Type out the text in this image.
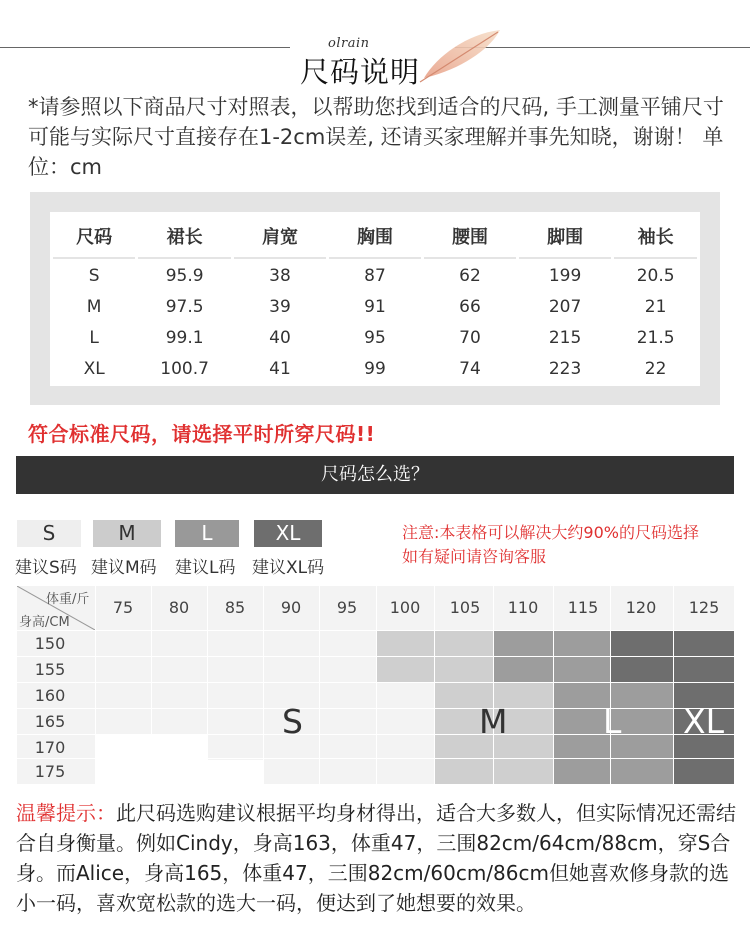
olrain
尺码说明
*请参照以下商品尺寸对照表，以帮助您找到适合的尺码, 手工测量平铺尺寸可能与实际尺寸直接存在1-2cm误差, 还请买家理解并事先知晓，谢谢！ 单位：cm
尺码	裙长	肩宽	胸围	腰围	脚围	袖长
S	95.9	38	87	62	199	20.5
M	97.5	39	91	66	207	21
L	99.1	40	95	70	215	21.5
XL	100.7	41	99	74	223	22
符合标准尺码，请选择平时所穿尺码!!
尺码怎么选？
S	M	L	XL
建议S码 建议M码 建议L码 建议XL码
注意:本表格可以解决大约90%的尺码选择
如有疑问请咨询客服
体重/斤
身高/CM
75	80	85	90	95	100	105	110	115	120	125
150
155
160
165
170
175
S	M	L XL
温馨提示：此尺码选购建议根据平均身材得出，适合大多数人，但实际情况还需结合自身衡量。例如Cindy，身高163，体重47，三围82cm/64cm/88cm，穿S合身。而Alice，身高165，体重47，三围82cm/60cm/86cm但她喜欢修身款的选小一码，喜欢宽松款的选大一码，便达到了她想要的效果。
